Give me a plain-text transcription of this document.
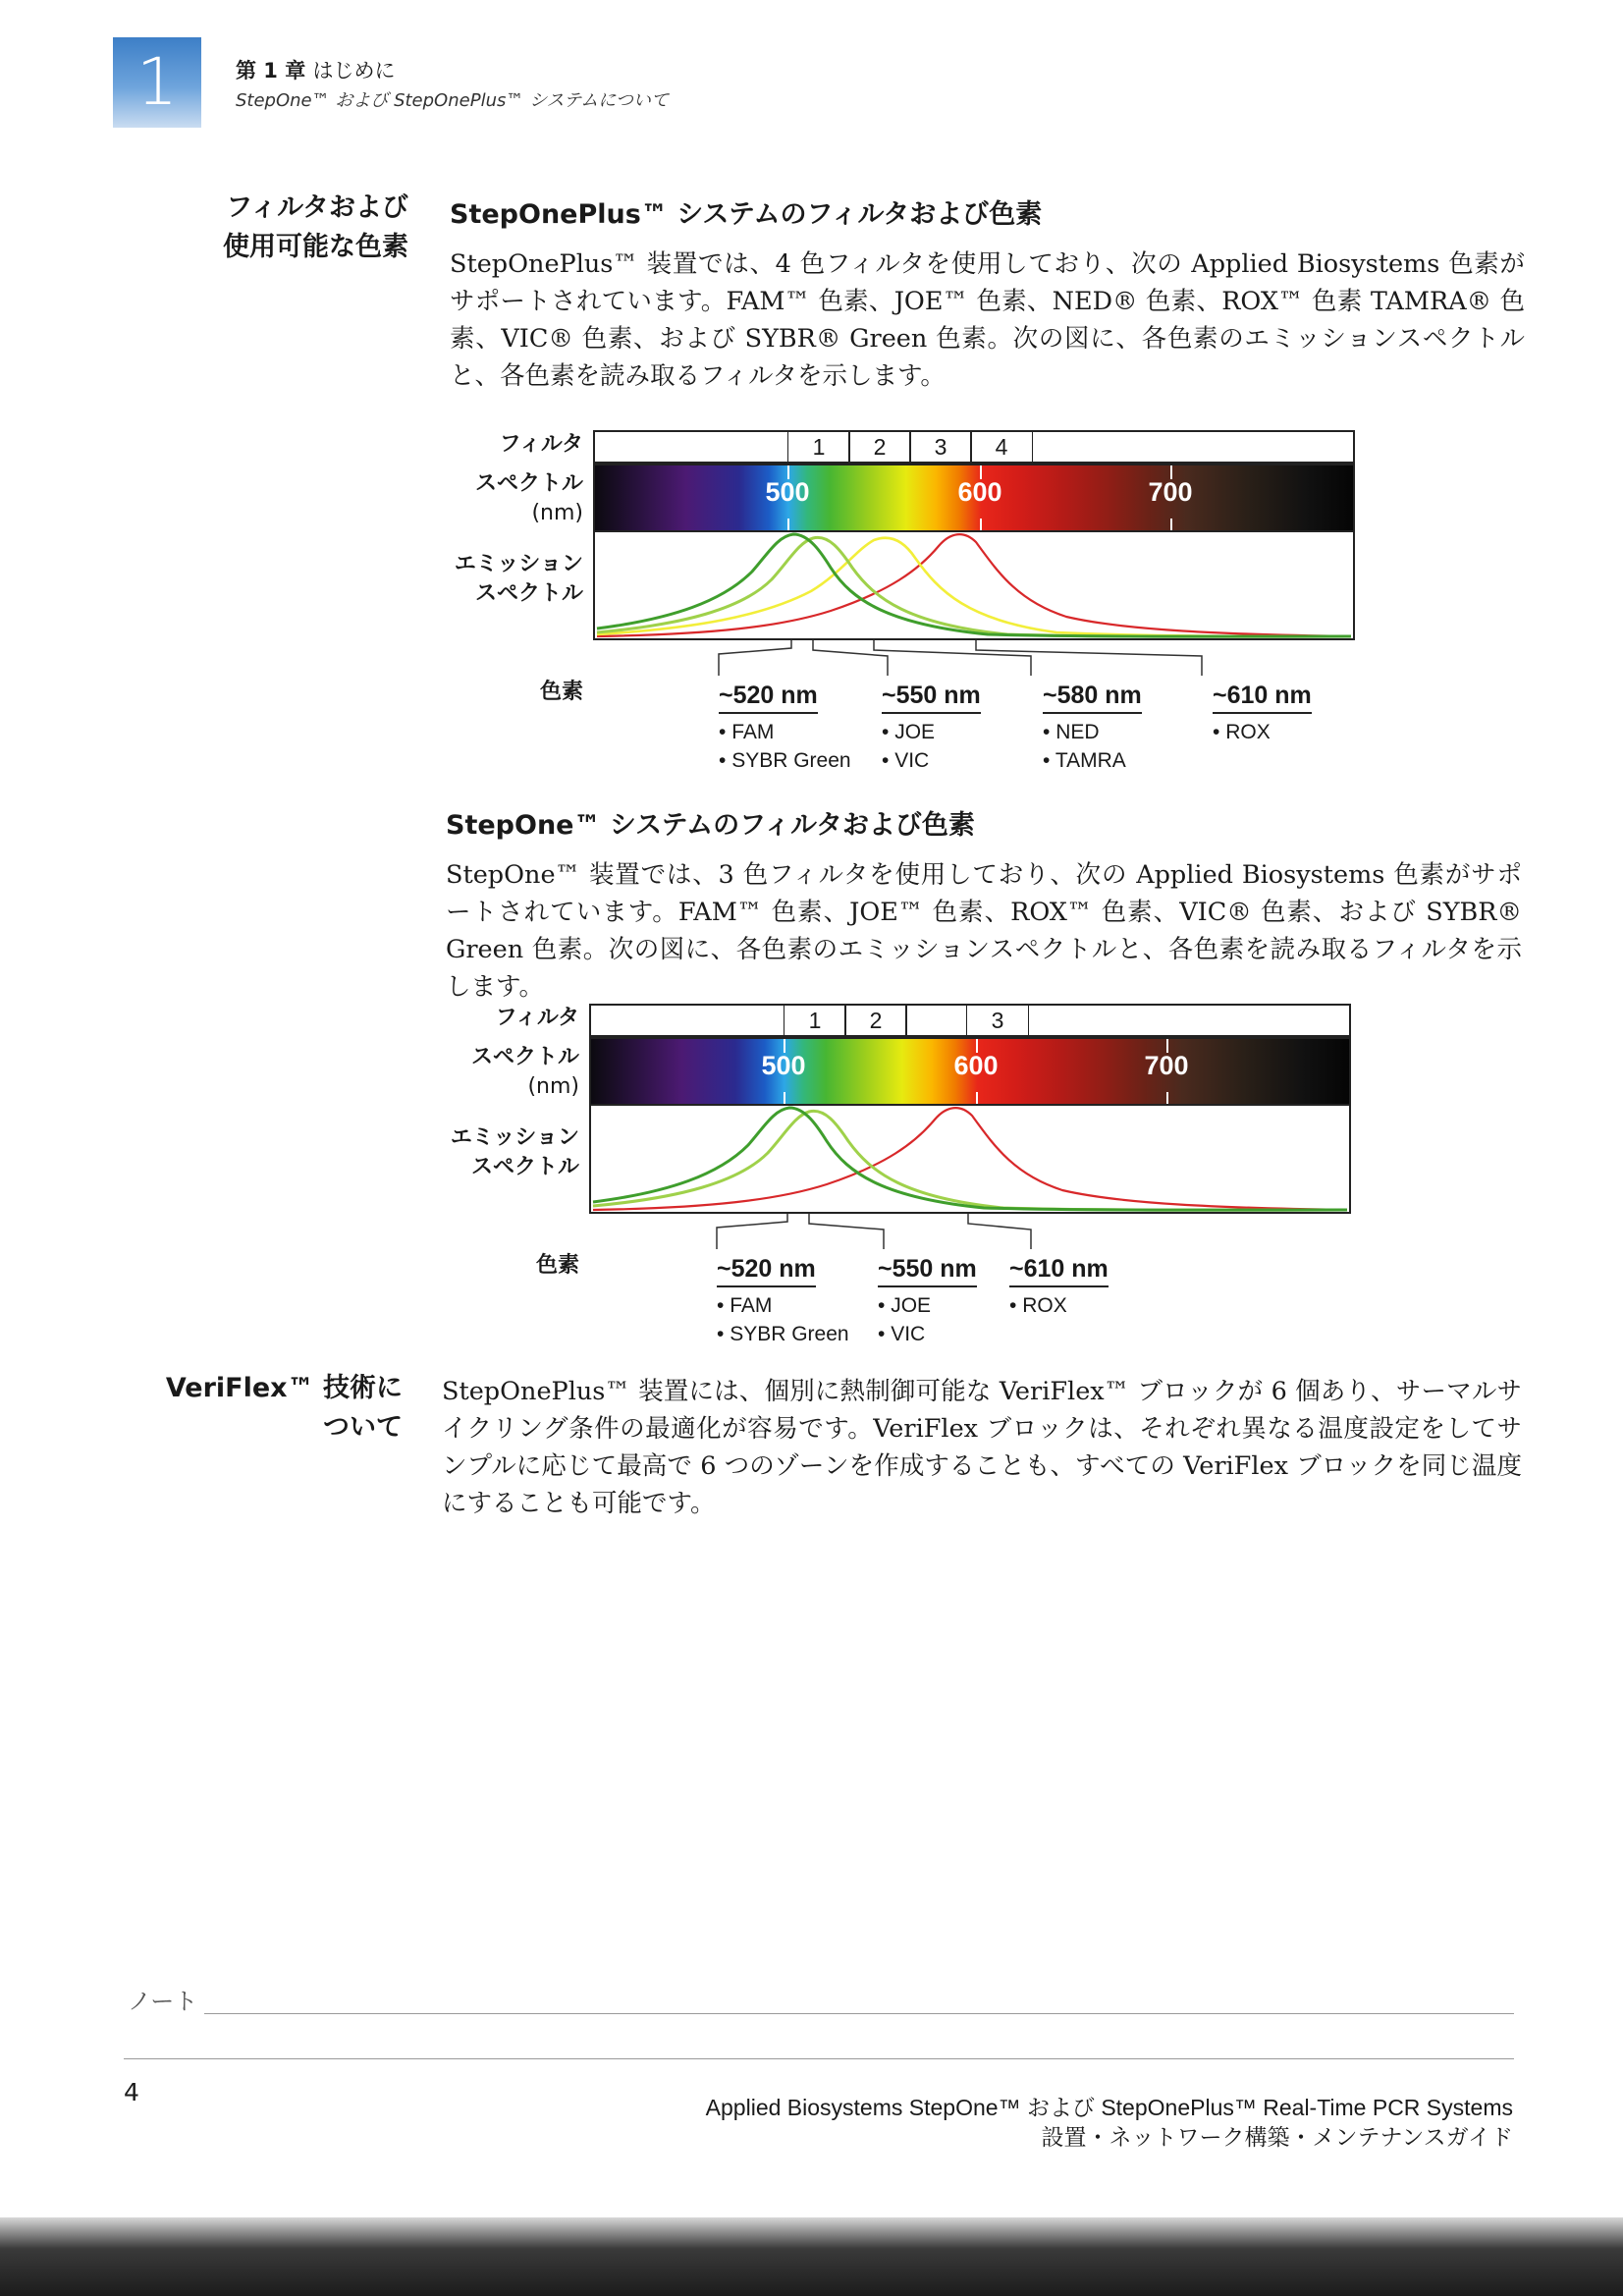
1	第 1 章 はじめに
StepOne™ および StepOnePlus™ システムについて
フィルタおよび
使用可能な色素
StepOnePlus™ システムのフィルタおよび色素
StepOnePlus™ 装置では、4 色フィルタを使用しており、次の Applied Biosystems 色素がサポートされています。FAM™ 色素、JOE™ 色素、NED® 色素、ROX™ 色素 TAMRA® 色素、VIC® 色素、および SYBR® Green 色素。次の図に、各色素のエミッションスペクトルと、各色素を読み取るフィルタを示します。
フィルタ
スペクトル
(nm)
エミッション
スペクトル
色素
1	2	3	4
500	600	700
~520 nm
• FAM
• SYBR Green
~550 nm
• JOE
• VIC
~580 nm
• NED
• TAMRA
~610 nm
• ROX
StepOne™ システムのフィルタおよび色素
StepOne™ 装置では、3 色フィルタを使用しており、次の Applied Biosystems 色素がサポートされています。FAM™ 色素、JOE™ 色素、ROX™ 色素、VIC® 色素、および SYBR® Green 色素。次の図に、各色素のエミッションスペクトルと、各色素を読み取るフィルタを示します。
フィルタ
スペクトル
(nm)
エミッション
スペクトル
色素
1	2	3
500	600	700
~520 nm
• FAM
• SYBR Green
~550 nm
• JOE
• VIC
~610 nm
• ROX
VeriFlex™ 技術に
ついて
StepOnePlus™ 装置には、個別に熱制御可能な VeriFlex™ ブロックが 6 個あり、サーマルサイクリング条件の最適化が容易です。VeriFlex ブロックは、それぞれ異なる温度設定をしてサンプルに応じて最高で 6 つのゾーンを作成することも、すべての VeriFlex ブロックを同じ温度にすることも可能です。
ノート
4
Applied Biosystems StepOne™ および StepOnePlus™ Real-Time PCR Systems
設置・ネットワーク構築・メンテナンスガイド
